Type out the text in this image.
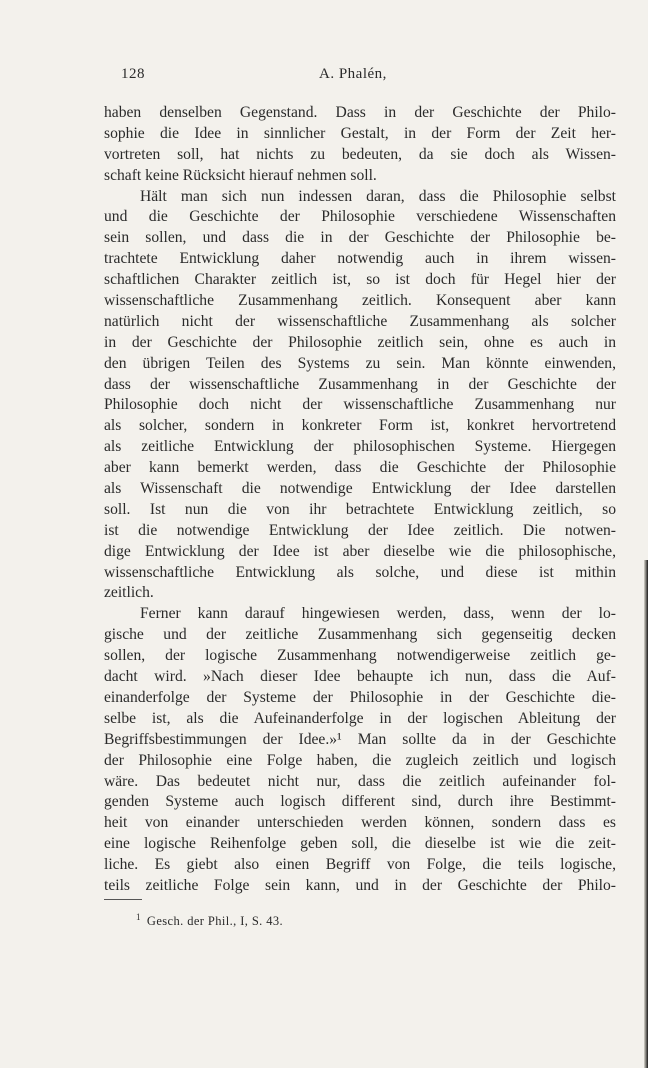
128	A. Phalén,
haben denselben Gegenstand. Dass in der Geschichte der Philo-
sophie die Idee in sinnlicher Gestalt, in der Form der Zeit her-
vortreten soll, hat nichts zu bedeuten, da sie doch als Wissen-
schaft keine Rücksicht hierauf nehmen soll.
Hält man sich nun indessen daran, dass die Philosophie selbst
und die Geschichte der Philosophie verschiedene Wissenschaften
sein sollen, und dass die in der Geschichte der Philosophie be-
trachtete Entwicklung daher notwendig auch in ihrem wissen-
schaftlichen Charakter zeitlich ist, so ist doch für Hegel hier der
wissenschaftliche Zusammenhang zeitlich. Konsequent aber kann
natürlich nicht der wissenschaftliche Zusammenhang als solcher
in der Geschichte der Philosophie zeitlich sein, ohne es auch in
den übrigen Teilen des Systems zu sein. Man könnte einwenden,
dass der wissenschaftliche Zusammenhang in der Geschichte der
Philosophie doch nicht der wissenschaftliche Zusammenhang nur
als solcher, sondern in konkreter Form ist, konkret hervortretend
als zeitliche Entwicklung der philosophischen Systeme. Hiergegen
aber kann bemerkt werden, dass die Geschichte der Philosophie
als Wissenschaft die notwendige Entwicklung der Idee darstellen
soll. Ist nun die von ihr betrachtete Entwicklung zeitlich, so
ist die notwendige Entwicklung der Idee zeitlich. Die notwen-
dige Entwicklung der Idee ist aber dieselbe wie die philosophische,
wissenschaftliche Entwicklung als solche, und diese ist mithin
zeitlich.
Ferner kann darauf hingewiesen werden, dass, wenn der lo-
gische und der zeitliche Zusammenhang sich gegenseitig decken
sollen, der logische Zusammenhang notwendigerweise zeitlich ge-
dacht wird. »Nach dieser Idee behaupte ich nun, dass die Auf-
einanderfolge der Systeme der Philosophie in der Geschichte die-
selbe ist, als die Aufeinanderfolge in der logischen Ableitung der
Begriffsbestimmungen der Idee.»¹ Man sollte da in der Geschichte
der Philosophie eine Folge haben, die zugleich zeitlich und logisch
wäre. Das bedeutet nicht nur, dass die zeitlich aufeinander fol-
genden Systeme auch logisch different sind, durch ihre Bestimmt-
heit von einander unterschieden werden können, sondern dass es
eine logische Reihenfolge geben soll, die dieselbe ist wie die zeit-
liche. Es giebt also einen Begriff von Folge, die teils logische,
teils zeitliche Folge sein kann, und in der Geschichte der Philo-
$^1$ Gesch. der Phil., I, S. 43.
